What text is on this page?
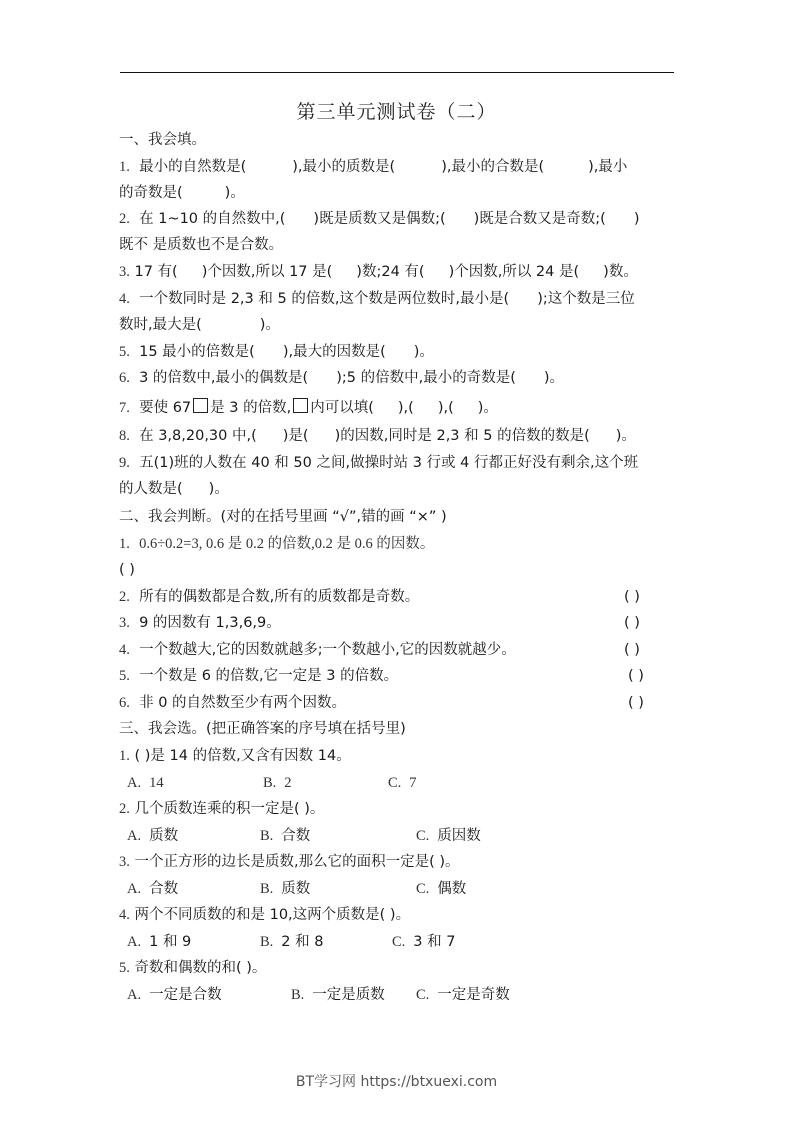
第三单元测试卷（二）
一、我会填。
1. 最小的自然数是(	),最小的质数是(	),最小的合数是(	),最小
的奇数是(	)。
2. 在 1~10 的自然数中,( )既是质数又是偶数;( )既是合数又是奇数;( )
既不 是质数也不是合数。
3. 17 有( )个因数,所以 17 是( )数;24 有( )个因数,所以 24 是( )数。
4. 一个数同时是 2,3 和 5 的倍数,这个数是两位数时,最小是( );这个数是三位
数时,最大是(	)。
5. 15 最小的倍数是( ),最大的因数是( )。
6. 3 的倍数中,最小的偶数是( );5 的倍数中,最小的奇数是( )。
7. 要使 67 是 3 的倍数, 内可以填( ),( ),( )。
8. 在 3,8,20,30 中,( )是( )的因数,同时是 2,3 和 5 的倍数的数是( )。
9. 五(1)班的人数在 40 和 50 之间,做操时站 3 行或 4 行都正好没有剩余,这个班
的人数是( )。
二、我会判断。(对的在括号里画 “√”,错的画 “×” )
1. 0.6÷0.2=3, 0.6 是 0.2 的倍数,0.2 是 0.6 的因数。
( )
2. 所有的偶数都是合数,所有的质数都是奇数。	( )
3. 9 的因数有 1,3,6,9。	( )
4. 一个数越大,它的因数就越多;一个数越小,它的因数就越少。	( )
5. 一个数是 6 的倍数,它一定是 3 的倍数。	( )
6. 非 0 的自然数至少有两个因数。	( )
三、我会选。(把正确答案的序号填在括号里)
1. ( )是 14 的倍数,又含有因数 14。
A. 14	B. 2	C. 7
2. 几个质数连乘的积一定是( )。
A. 质数	B. 合数	C. 质因数
3. 一个正方形的边长是质数,那么它的面积一定是( )。
A. 合数	B. 质数	C. 偶数
4. 两个不同质数的和是 10,这两个质数是( )。
A. 1 和 9	B. 2 和 8	C. 3 和 7
5. 奇数和偶数的和( )。
A. 一定是合数	B. 一定是质数 C. 一定是奇数
BT学习网 https://btxuexi.com
